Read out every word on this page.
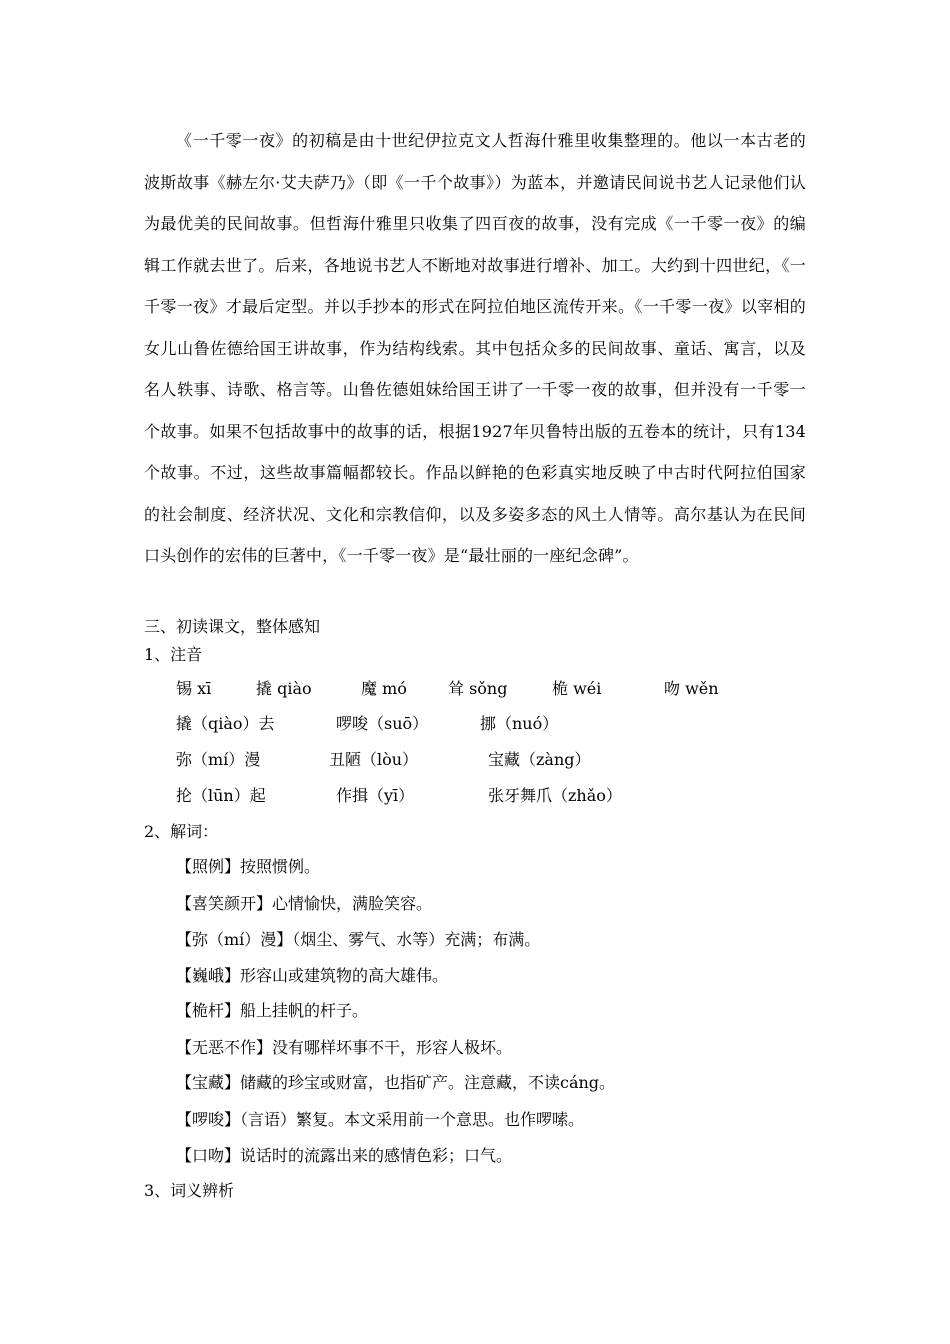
《一千零一夜》的初稿是由十世纪伊拉克文人哲海什雅里收集整理的。他以一本古老的波斯故事《赫左尔·艾夫萨乃》（即《一千个故事》）为蓝本，并邀请民间说书艺人记录他们认为最优美的民间故事。但哲海什雅里只收集了四百夜的故事，没有完成《一千零一夜》的编辑工作就去世了。后来，各地说书艺人不断地对故事进行增补、加工。大约到十四世纪，《一千零一夜》才最后定型。并以手抄本的形式在阿拉伯地区流传开来。《一千零一夜》以宰相的女儿山鲁佐德给国王讲故事，作为结构线索。其中包括众多的民间故事、童话、寓言，以及名人轶事、诗歌、格言等。山鲁佐德姐妹给国王讲了一千零一夜的故事，但并没有一千零一个故事。如果不包括故事中的故事的话，根据1927年贝鲁特出版的五卷本的统计，只有134个故事。不过，这些故事篇幅都较长。作品以鲜艳的色彩真实地反映了中古时代阿拉伯国家的社会制度、经济状况、文化和宗教信仰，以及多姿多态的风土人情等。高尔基认为在民间口头创作的宏伟的巨著中，《一千零一夜》是“最壮丽的一座纪念碑”。

三、初读课文，整体感知

1、注音

锡 xī	撬 qiào	魔 mó	耸 sǒng	桅 wéi	吻 wěn
撬（qiào）去	啰唆（suō）	挪（nuó）
弥（mí）漫	丑陋（lòu）	宝藏（zàng）
抡（lūn）起	作揖（yī）	张牙舞爪（zhǎo）

2、解词：

【照例】按照惯例。

【喜笑颜开】心情愉快，满脸笑容。

【弥（mí）漫】（烟尘、雾气、水等）充满；布满。

【巍峨】形容山或建筑物的高大雄伟。

【桅杆】船上挂帆的杆子。

【无恶不作】没有哪样坏事不干，形容人极坏。

【宝藏】储藏的珍宝或财富，也指矿产。注意藏，不读cáng。

【啰唆】（言语）繁复。本文采用前一个意思。也作啰嗦。

【口吻】说话时的流露出来的感情色彩；口气。

3、词义辨析
